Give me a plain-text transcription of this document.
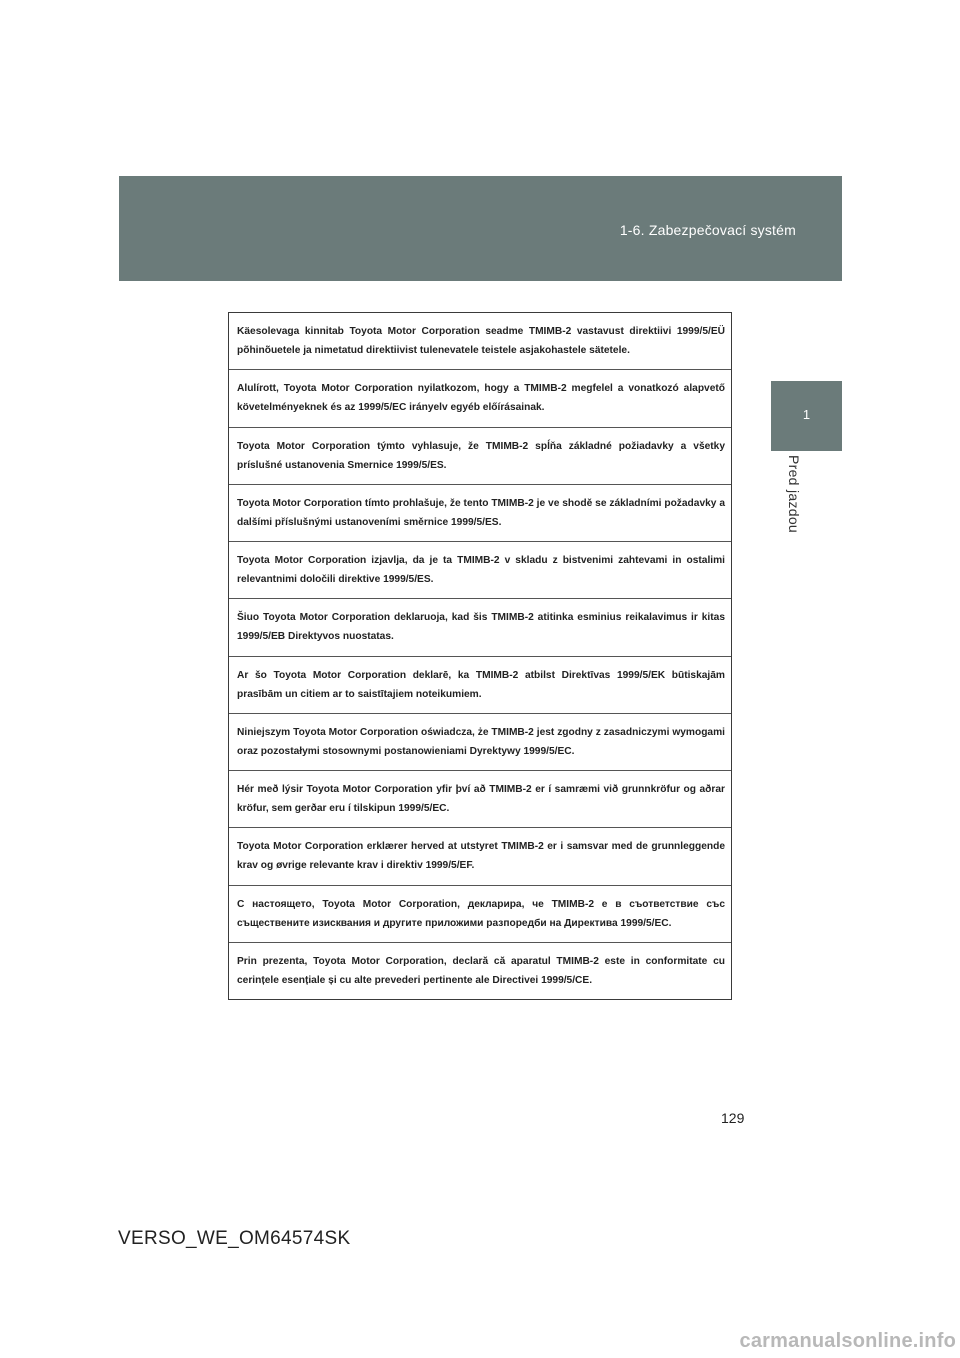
1-6. Zabezpečovací systém
1
Pred jazdou
Käesolevaga kinnitab Toyota Motor Corporation seadme TMIMB-2 vastavust direktiivi 1999/5/EÜ põhinõuetele ja nimetatud direktiivist tulenevatele teistele asjakohastele sätetele.
Alulírott, Toyota Motor Corporation nyilatkozom, hogy a TMIMB-2 megfelel a vonatkozó alapvető követelményeknek és az 1999/5/EC irányelv egyéb előírásainak.
Toyota Motor Corporation týmto vyhlasuje, že TMIMB-2 spĺňa základné požiadavky a všetky príslušné ustanovenia Smernice 1999/5/ES.
Toyota Motor Corporation tímto prohlašuje, že tento TMIMB-2 je ve shodě se základními požadavky a dalšími příslušnými ustanoveními směrnice 1999/5/ES.
Toyota Motor Corporation izjavlja, da je ta TMIMB-2 v skladu z bistvenimi zahtevami in ostalimi relevantnimi določili direktive 1999/5/ES.
Šiuo Toyota Motor Corporation deklaruoja, kad šis TMIMB-2 atitinka esminius reikalavimus ir kitas 1999/5/EB Direktyvos nuostatas.
Ar šo Toyota Motor Corporation deklarē, ka TMIMB-2 atbilst Direktīvas 1999/5/EK būtiskajām prasībām un citiem ar to saistītajiem noteikumiem.
Niniejszym Toyota Motor Corporation oświadcza, że TMIMB-2 jest zgodny z zasadniczymi wymogami oraz pozostałymi stosownymi postanowieniami Dyrektywy 1999/5/EC.
Hér með lýsir Toyota Motor Corporation yfir því að TMIMB-2 er í samræmi við grunnkröfur og aðrar kröfur, sem gerðar eru í tilskipun 1999/5/EC.
Toyota Motor Corporation erklærer herved at utstyret TMIMB-2 er i samsvar med de grunnleggende krav og øvrige relevante krav i direktiv 1999/5/EF.
С настоящето, Toyota Motor Corporation, декларира, че TMIMB-2 е в съответствие със съществените изисквания и другите приложими разпоредби на Директива 1999/5/ЕС.
Prin prezenta, Toyota Motor Corporation, declară că aparatul TMIMB-2 este in conformitate cu cerințele esențiale și cu alte prevederi pertinente ale Directivei 1999/5/CE.
129
VERSO_WE_OM64574SK
carmanualsonline.info
